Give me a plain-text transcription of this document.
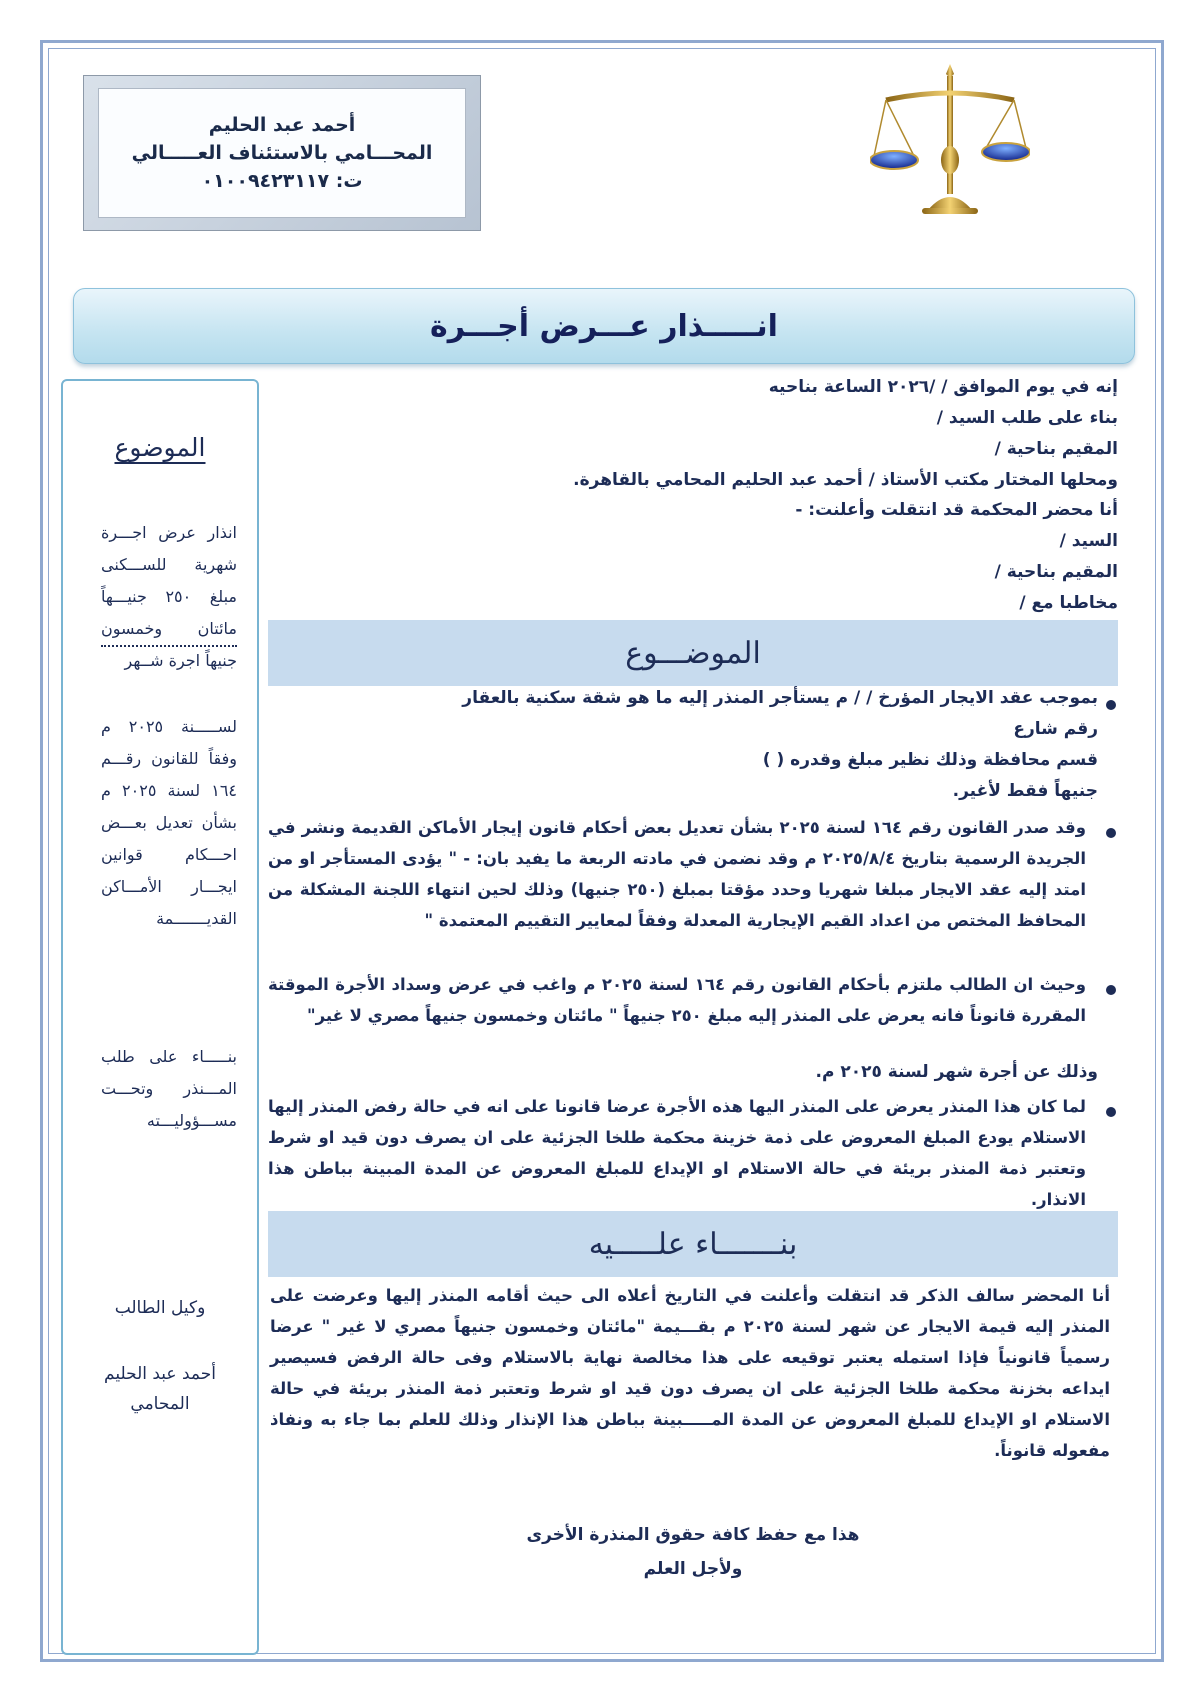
أحمد عبد الحليم
المحـــامي بالاستئناف العـــــالي
ت: ٠١٠٠٩٤٢٣١١٧
انـــــذار عـــرض أجـــرة
الموضوع
انذار عرض اجـــرة شهرية للســـكنى مبلغ ٢٥٠ جنيـــهاً مائتان وخمسون جنيهاً اجرة شــهر
لســـــنة ٢٠٢٥ م وفقاً للقانون رقـــم ١٦٤ لسنة ٢٠٢٥ م بشأن تعديل بعـــض احـــكام قوانين ايجـــار الأمـــاكن القديـــــــمة
بنـــــاء على طلب المـــنذر وتحـــت مســـؤوليـــته
وكيل الطالب
أحمد عبد الحليم
المحامي
إنه في يوم الموافق / /٢٠٢٦ الساعة بناحيه
بناء على طلب السيد /
المقيم بناحية /
ومحلها المختار مكتب الأستاذ / أحمد عبد الحليم المحامي بالقاهرة.
أنا محضر المحكمة قد انتقلت وأعلنت: -
السيد /
المقيم بناحية /
مخاطبا مع /
الموضـــوع
بموجب عقد الايجار المؤرخ / / م يستأجر المنذر إليه ما هو شقة سكنية بالعقار
رقم شارع
قسم محافظة وذلك نظير مبلغ وقدره ( )
جنيهاً فقط لأغير.
وقد صدر القانون رقم ١٦٤ لسنة ٢٠٢٥ بشأن تعديل بعض أحكام قانون إيجار الأماكن القديمة ونشر في الجريدة الرسمية بتاريخ ٢٠٢٥/٨/٤ م وقد نضمن في مادته الربعة ما يفيد بان: - " يؤدى المستأجر او من امتد إليه عقد الايجار مبلغا شهريا وحدد مؤقتا بمبلغ (٢٥٠ جنيها) وذلك لحين انتهاء اللجنة المشكلة من المحافظ المختص من اعداد القيم الإيجارية المعدلة وفقاً لمعايير التقييم المعتمدة "
وحيث ان الطالب ملتزم بأحكام القانون رقم ١٦٤ لسنة ٢٠٢٥ م واغب في عرض وسداد الأجرة الموقتة المقررة قانوناً فانه يعرض على المنذر إليه مبلغ ٢٥٠ جنيهاً " مائتان وخمسون جنيهاً مصري لا غير"
وذلك عن أجرة شهر لسنة ٢٠٢٥ م.
لما كان هذا المنذر يعرض على المنذر اليها هذه الأجرة عرضا قانونا على انه في حالة رفض المنذر إليها الاستلام يودع المبلغ المعروض على ذمة خزينة محكمة طلخا الجزئية على ان يصرف دون قيد او شرط وتعتبر ذمة المنذر بريئة في حالة الاستلام او الإيداع للمبلغ المعروض عن المدة المبينة بباطن هذا الانذار.
بنـــــــاء علـــــيه
أنا المحضر سالف الذكر قد انتقلت وأعلنت في التاريخ أعلاه الى حيث أقامه المنذر إليها وعرضت على المنذر إليه قيمة الايجار عن شهر لسنة ٢٠٢٥ م بقـــيمة "مائتان وخمسون جنيهاً مصري لا غير " عرضا رسمياً قانونياً فإذا استمله يعتبر توقيعه على هذا مخالصة نهاية بالاستلام وفى حالة الرفض فسيصير ايداعه بخزنة محكمة طلخا الجزئية على ان يصرف دون قيد او شرط وتعتبر ذمة المنذر بريئة في حالة الاستلام او الإيداع للمبلغ المعروض عن المدة المـــــبينة بباطن هذا الإنذار وذلك للعلم بما جاء به ونفاذ مفعوله قانوناً.
هذا مع حفظ كافة حقوق المنذرة الأخرى
ولأجل العلم
